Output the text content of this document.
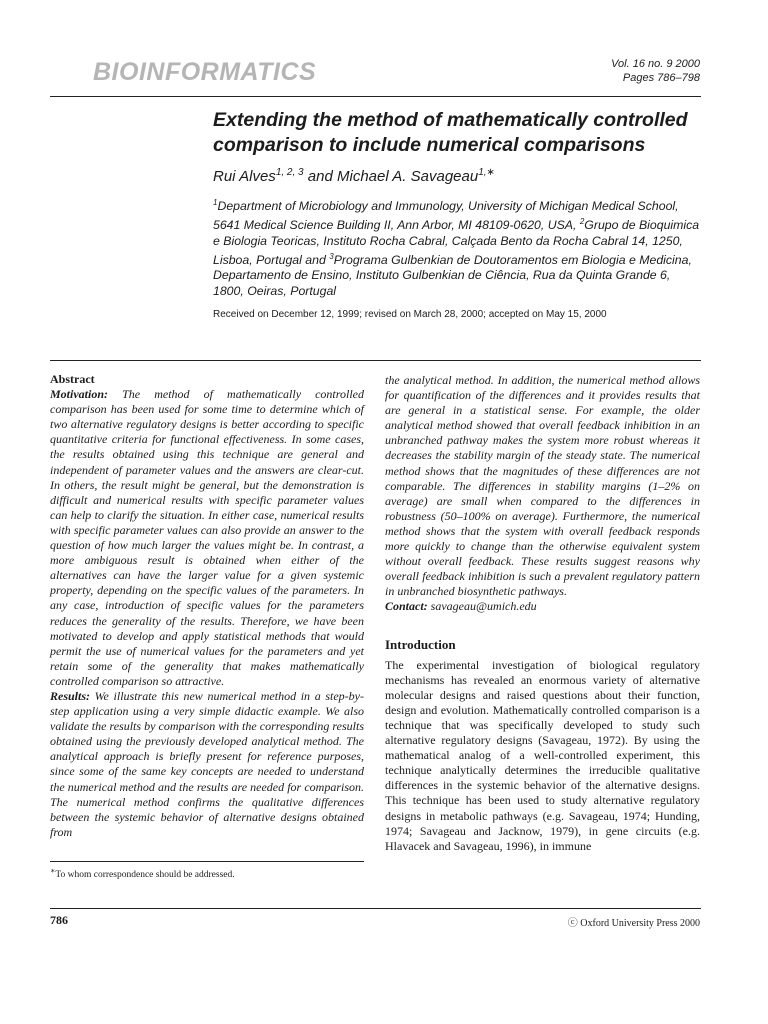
BIOINFORMATICS	Vol. 16 no. 9 2000
Pages 786–798
Extending the method of mathematically controlled comparison to include numerical comparisons
Rui Alves$^{1, 2, 3}$ and Michael A. Savageau$^{1,∗}$
$^1$Department of Microbiology and Immunology, University of Michigan Medical School, 5641 Medical Science Building II, Ann Arbor, MI 48109-0620, USA, $^2$Grupo de Bioquimica e Biologia Teoricas, Instituto Rocha Cabral, Calçada Bento da Rocha Cabral 14, 1250, Lisboa, Portugal and $^3$Programa Gulbenkian de Doutoramentos em Biologia e Medicina, Departamento de Ensino, Instituto Gulbenkian de Ciência, Rua da Quinta Grande 6, 1800, Oeiras, Portugal
Received on December 12, 1999; revised on March 28, 2000; accepted on May 15, 2000
Abstract
Motivation: The method of mathematically controlled comparison has been used for some time to determine which of two alternative regulatory designs is better according to specific quantitative criteria for functional effectiveness. In some cases, the results obtained using this technique are general and independent of parameter values and the answers are clear-cut. In others, the result might be general, but the demonstration is difficult and numerical results with specific parameter values can help to clarify the situation. In either case, numerical results with specific parameter values can also provide an answer to the question of how much larger the values might be. In contrast, a more ambiguous result is obtained when either of the alternatives can have the larger value for a given systemic property, depending on the specific values of the parameters. In any case, introduction of specific values for the parameters reduces the generality of the results. Therefore, we have been motivated to develop and apply statistical methods that would permit the use of numerical values for the parameters and yet retain some of the generality that makes mathematically controlled comparison so attractive.
Results: We illustrate this new numerical method in a step-by-step application using a very simple didactic example. We also validate the results by comparison with the corresponding results obtained using the previously developed analytical method. The analytical approach is briefly present for reference purposes, since some of the same key concepts are needed to understand the numerical method and the results are needed for comparison. The numerical method confirms the qualitative differences between the systemic behavior of alternative designs obtained from
the analytical method. In addition, the numerical method allows for quantification of the differences and it provides results that are general in a statistical sense. For example, the older analytical method showed that overall feedback inhibition in an unbranched pathway makes the system more robust whereas it decreases the stability margin of the steady state. The numerical method shows that the magnitudes of these differences are not comparable. The differences in stability margins (1–2% on average) are small when compared to the differences in robustness (50–100% on average). Furthermore, the numerical method shows that the system with overall feedback responds more quickly to change than the otherwise equivalent system without overall feedback. These results suggest reasons why overall feedback inhibition is such a prevalent regulatory pattern in unbranched biosynthetic pathways.
Contact: savageau@umich.edu
Introduction
The experimental investigation of biological regulatory mechanisms has revealed an enormous variety of alternative molecular designs and raised questions about their function, design and evolution. Mathematically controlled comparison is a technique that was specifically developed to study such alternative regulatory designs (Savageau, 1972). By using the mathematical analog of a well-controlled experiment, this technique analytically determines the irreducible qualitative differences in the systemic behavior of the alternative designs. This technique has been used to study alternative regulatory designs in metabolic pathways (e.g. Savageau, 1974; Hunding, 1974; Savageau and Jacknow, 1979), in gene circuits (e.g. Hlavacek and Savageau, 1996), in immune
∗To whom correspondence should be addressed.
786	ⓒ Oxford University Press 2000
